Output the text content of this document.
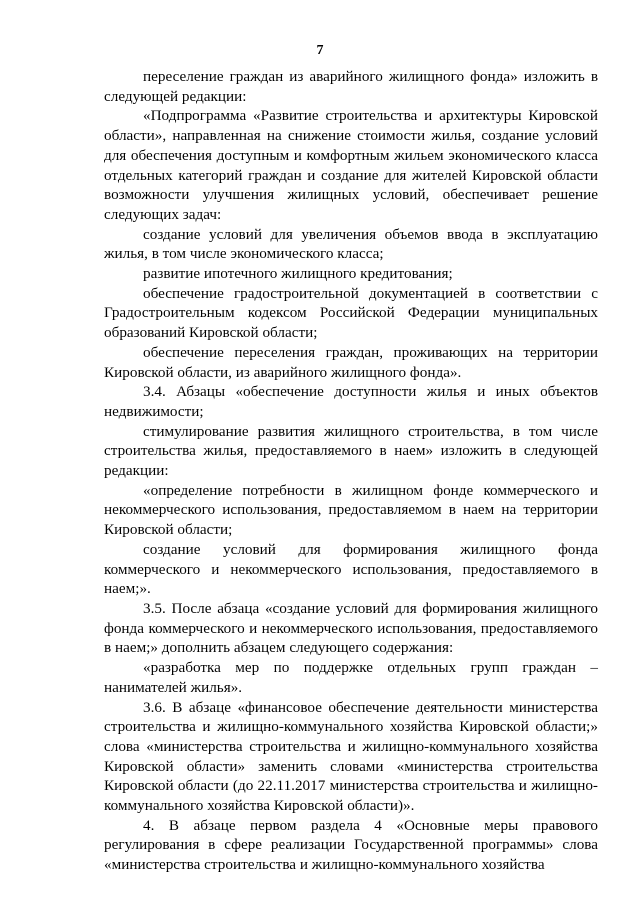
7

переселение граждан из аварийного жилищного фонда» изложить в следующей редакции:

«Подпрограмма «Развитие строительства и архитектуры Кировской области», направленная на снижение стоимости жилья, создание условий для обеспечения доступным и комфортным жильем экономического класса отдельных категорий граждан и создание для жителей Кировской области возможности улучшения жилищных условий, обеспечивает решение следующих задач:

создание условий для увеличения объемов ввода в эксплуатацию жилья, в том числе экономического класса;

развитие ипотечного жилищного кредитования;

обеспечение градостроительной документацией в соответствии с Градостроительным кодексом Российской Федерации муниципальных образований Кировской области;

обеспечение переселения граждан, проживающих на территории Кировской области, из аварийного жилищного фонда».

3.4. Абзацы «обеспечение доступности жилья и иных объектов недвижимости;

стимулирование развития жилищного строительства, в том числе строительства жилья, предоставляемого в наем» изложить в следующей редакции:

«определение потребности в жилищном фонде коммерческого и некоммерческого использования, предоставляемом в наем на территории Кировской области;

создание условий для формирования жилищного фонда коммерческого и некоммерческого использования, предоставляемого в наем;».

3.5. После абзаца «создание условий для формирования жилищного фонда коммерческого и некоммерческого использования, предоставляемого в наем;» дополнить абзацем следующего содержания:

«разработка мер по поддержке отдельных групп граждан – нанимателей жилья».

3.6. В абзаце «финансовое обеспечение деятельности министерства строительства и жилищно-коммунального хозяйства Кировской области;» слова «министерства строительства и жилищно-коммунального хозяйства Кировской области» заменить словами «министерства строительства Кировской области (до 22.11.2017 министерства строительства и жилищно-коммунального хозяйства Кировской области)».

4. В абзаце первом раздела 4 «Основные меры правового регулирования в сфере реализации Государственной программы» слова «министерства строительства и жилищно-коммунального хозяйства
